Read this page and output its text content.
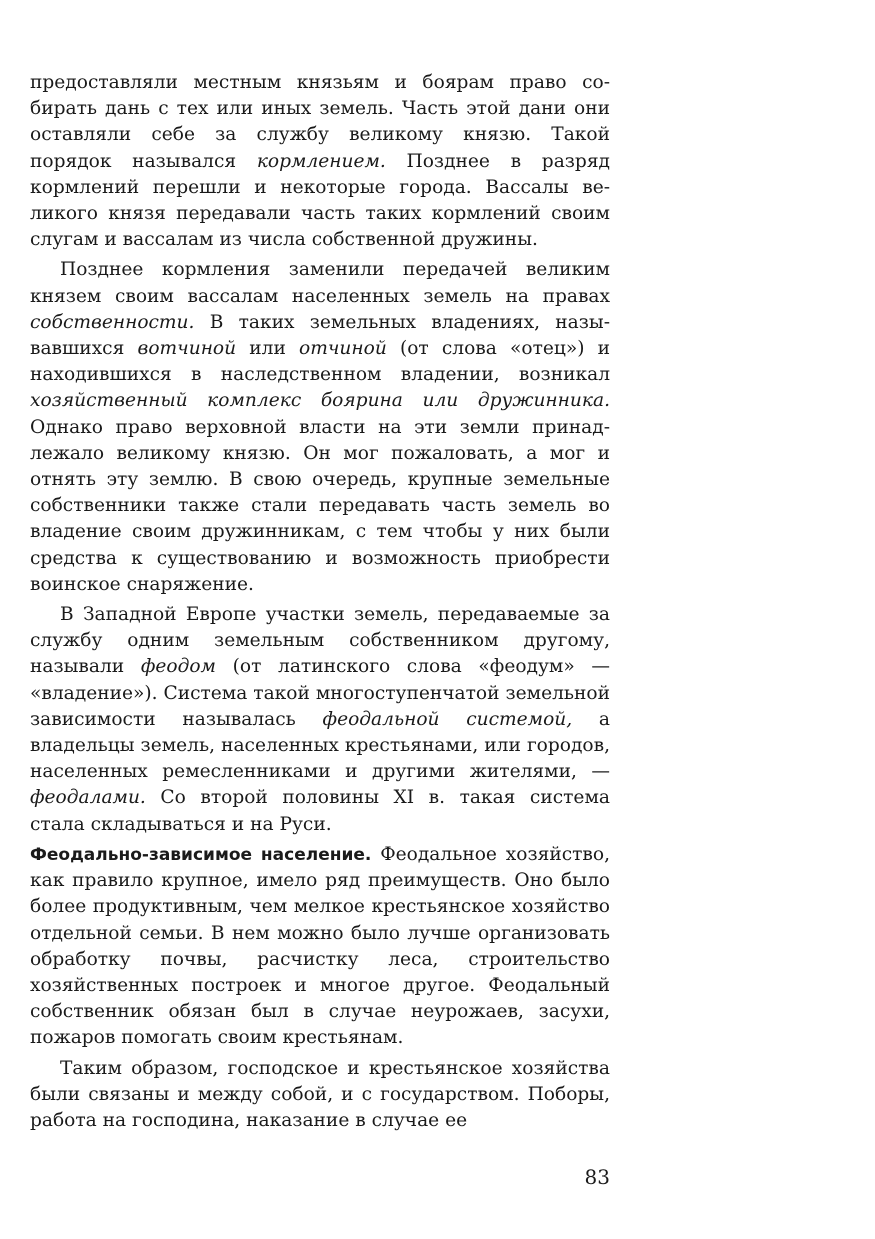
предоставляли местным князьям и боярам право собирать дань с тех или иных земель. Часть этой дани они оставляли себе за службу великому князю. Такой порядок назывался кормлением. Позднее в разряд кормлений перешли и некоторые города. Вассалы великого князя передавали часть таких кормлений своим слугам и вассалам из числа собственной дружины.

Позднее кормления заменили передачей великим князем своим вассалам населенных земель на правах собственности. В таких земельных владениях, называвшихся вотчиной или отчиной (от слова «отец») и находившихся в наследственном владении, возникал хозяйственный комплекс боярина или дружинника. Однако право верховной власти на эти земли принадлежало великому князю. Он мог пожаловать, а мог и отнять эту землю. В свою очередь, крупные земельные собственники также стали передавать часть земель во владение своим дружинникам, с тем чтобы у них были средства к существованию и возможность приобрести воинское снаряжение.

В Западной Европе участки земель, передаваемые за службу одним земельным собственником другому, называли феодом (от латинского слова «феодум» — «владение»). Система такой многоступенчатой земельной зависимости называлась феодальной системой, а владельцы земель, населенных крестьянами, или городов, населенных ремесленниками и другими жителями, — феодалами. Со второй половины XI в. такая система стала складываться и на Руси.

Феодально-зависимое население. Феодальное хозяйство, как правило крупное, имело ряд преимуществ. Оно было более продуктивным, чем мелкое крестьянское хозяйство отдельной семьи. В нем можно было лучше организовать обработку почвы, расчистку леса, строительство хозяйственных построек и многое другое. Феодальный собственник обязан был в случае неурожаев, засухи, пожаров помогать своим крестьянам.

Таким образом, господское и крестьянское хозяйства были связаны и между собой, и с государством. Поборы, работа на господина, наказание в случае ее

83
